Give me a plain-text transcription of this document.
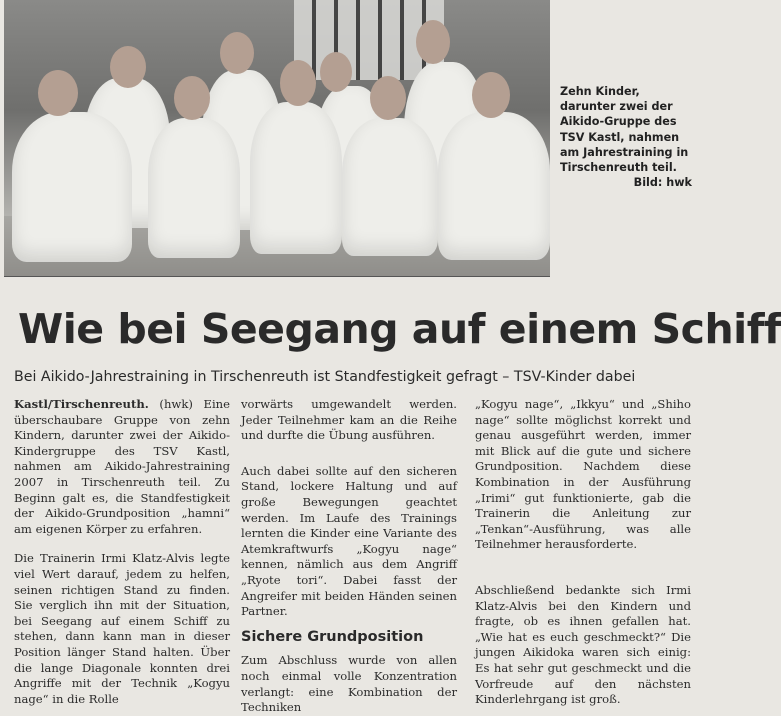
Zehn Kinder, darunter zwei der Aikido-Gruppe des TSV Kastl, nahmen am Jahrestraining in Tirschenreuth teil.
Bild: hwk
Wie bei Seegang auf einem Schiff
Bei Aikido-Jahrestraining in Tirschenreuth ist Standfestigkeit gefragt – TSV-Kinder dabei

Kastl/Tirschenreuth. (hwk) Eine überschaubare Gruppe von zehn Kindern, darunter zwei der Aikido-Kindergruppe des TSV Kastl, nahmen am Aikido-Jahrestraining 2007 in Tirschenreuth teil. Zu Beginn galt es, die Standfestigkeit der Aikido-Grundposition „hamni“ am eigenen Körper zu erfahren.

Die Trainerin Irmi Klatz-Alvis legte viel Wert darauf, jedem zu helfen, seinen richtigen Stand zu finden. Sie verglich ihn mit der Situation, bei Seegang auf einem Schiff zu stehen, dann kann man in dieser Position länger Stand halten. Über die lange Diagonale konnten drei Angriffe mit der Technik „Kogyu nage“ in die Rolle

vorwärts umgewandelt werden. Jeder Teilnehmer kam an die Reihe und durfte die Übung ausführen.

Auch dabei sollte auf den sicheren Stand, lockere Haltung und auf große Bewegungen geachtet werden. Im Laufe des Trainings lernten die Kinder eine Variante des Atemkraftwurfs „Kogyu nage“ kennen, nämlich aus dem Angriff „Ryote tori“. Dabei fasst der Angreifer mit beiden Händen seinen Partner.

Sichere Grundposition

Zum Abschluss wurde von allen noch einmal volle Konzentration verlangt: eine Kombination der Techniken

„Kogyu nage“, „Ikkyu“ und „Shiho nage“ sollte möglichst korrekt und genau ausgeführt werden, immer mit Blick auf die gute und sichere Grundposition. Nachdem diese Kombination in der Ausführung „Irimi“ gut funktionierte, gab die Trainerin die Anleitung zur „Tenkan“-Ausführung, was alle Teilnehmer herausforderte.

Abschließend bedankte sich Irmi Klatz-Alvis bei den Kindern und fragte, ob es ihnen gefallen hat. „Wie hat es euch geschmeckt?“ Die jungen Aikidoka waren sich einig: Es hat sehr gut geschmeckt und die Vorfreude auf den nächsten Kinderlehrgang ist groß.
